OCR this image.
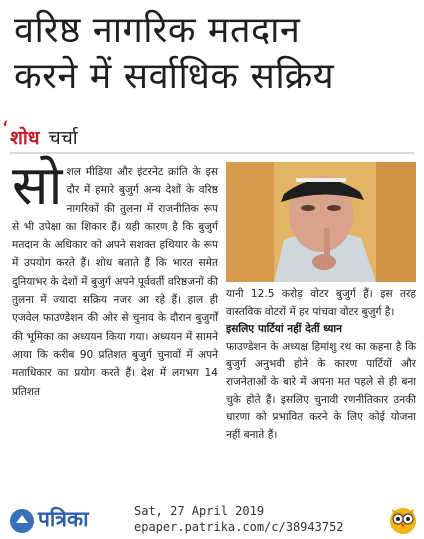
वरिष्ठ नागरिक मतदान
करने में सर्वाधिक सक्रिय
‘ शोध चर्चा
सो शल मीडिया और इंटरनेट क्रांति के इस दौर में हमारे बुजुर्ग अन्य देशों के वरिष्ठ नागरिकों की तुलना में राजनीतिक रूप से भी उपेक्षा का शिकार हैं। यही कारण है कि बुजुर्ग मतदान के अधिकार को अपने सशक्त हथियार के रूप में उपयोग करते हैं। शोध बताते हैं कि भारत समेत दुनियाभर के देशों में बुजुर्ग अपने पूर्ववर्ती वरिष्ठजनों की तुलना में ज्यादा सक्रिय नजर आ रहे हैं। हाल ही एजवेल फाउण्डेशन की ओर से चुनाव के दौरान बुजुर्गों की भूमिका का अध्ययन किया गया। अध्ययन में सामने आया कि करीब 90 प्रतिशत बुजुर्ग चुनावों में अपने मताधिकार का प्रयोग करते हैं। देश में लगभग 14 प्रतिशत
यानी 12.5 करोड़ वोटर बुजुर्ग हैं। इस तरह वास्तविक वोटरों में हर पांचवा वोटर बुजुर्ग है।
इसलिए पार्टियां नहीं देतीं ध्यान
फाउण्डेशन के अध्यक्ष हिमांशु रथ का कहना है कि बुजुर्ग अनुभवी होने के कारण पार्टियों और राजनेताओं के बारे में अपना मत पहले से ही बना चुके होते हैं। इसलिए चुनावी रणनीतिकार उनकी धारणा को प्रभावित करने के लिए कोई योजना नहीं बनाते हैं।
पत्रिका	Sat, 27 April 2019
epaper.patrika.com/c/38943752
